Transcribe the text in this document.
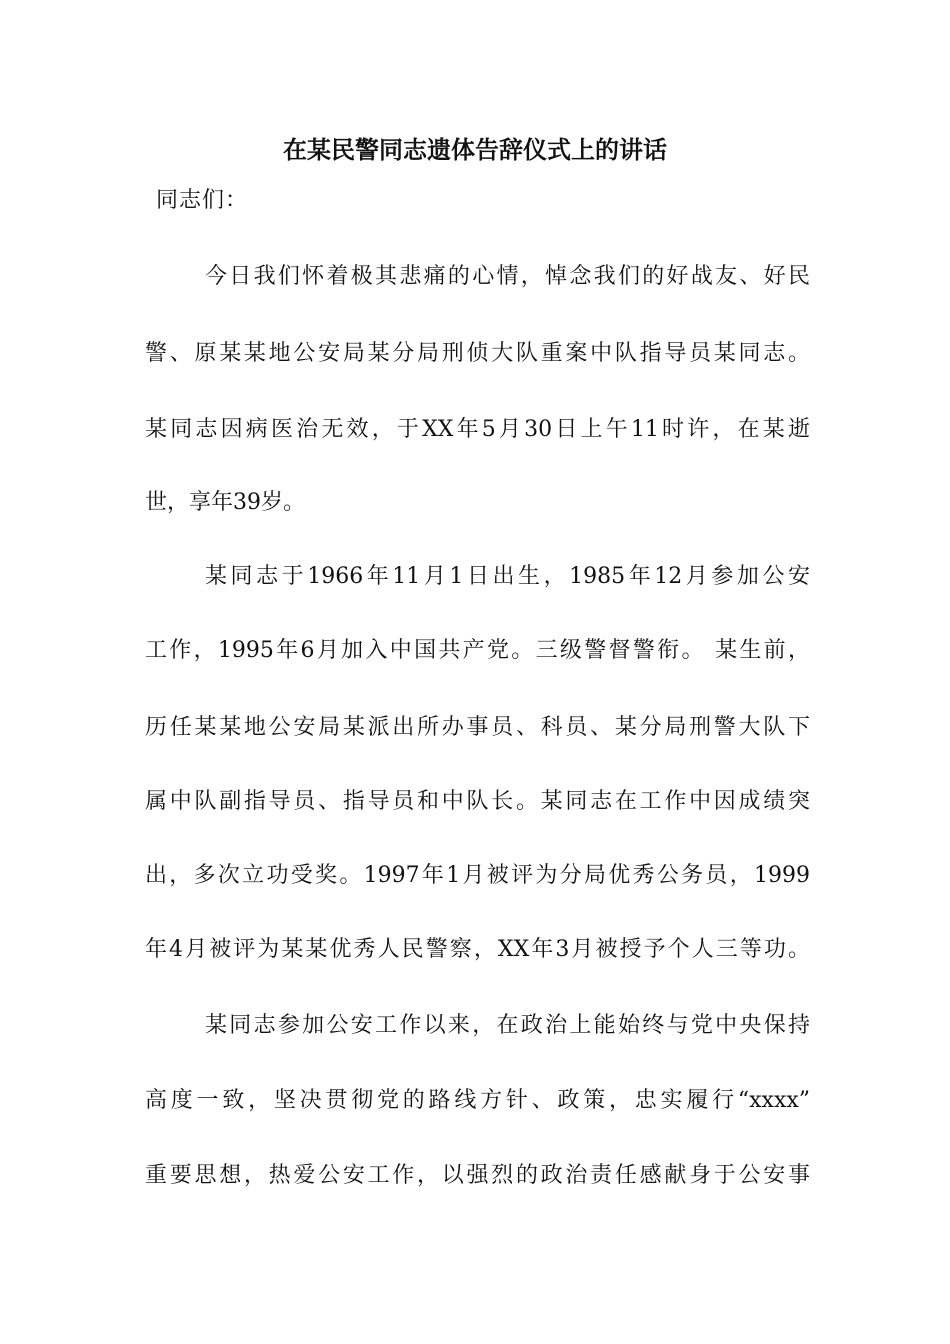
在某民警同志遗体告辞仪式上的讲话
同志们：
今日我们怀着极其悲痛的心情，悼念我们的好战友、好民
警、原某某地公安局某分局刑侦大队重案中队指导员某同志。
某同志因病医治无效，于XX年5月30日上午11时许，在某逝
世，享年39岁。
某同志于1966年11月1日出生，1985年12月参加公安
工作，1995年6月加入中国共产党。三级警督警衔。 某生前，
历任某某地公安局某派出所办事员、科员、某分局刑警大队下
属中队副指导员、指导员和中队长。某同志在工作中因成绩突
出，多次立功受奖。1997年1月被评为分局优秀公务员，1999
年4月被评为某某优秀人民警察，XX年3月被授予个人三等功。
某同志参加公安工作以来，在政治上能始终与党中央保持
高度一致，坚决贯彻党的路线方针、政策，忠实履行“xxxx”
重要思想，热爱公安工作，以强烈的政治责任感献身于公安事
